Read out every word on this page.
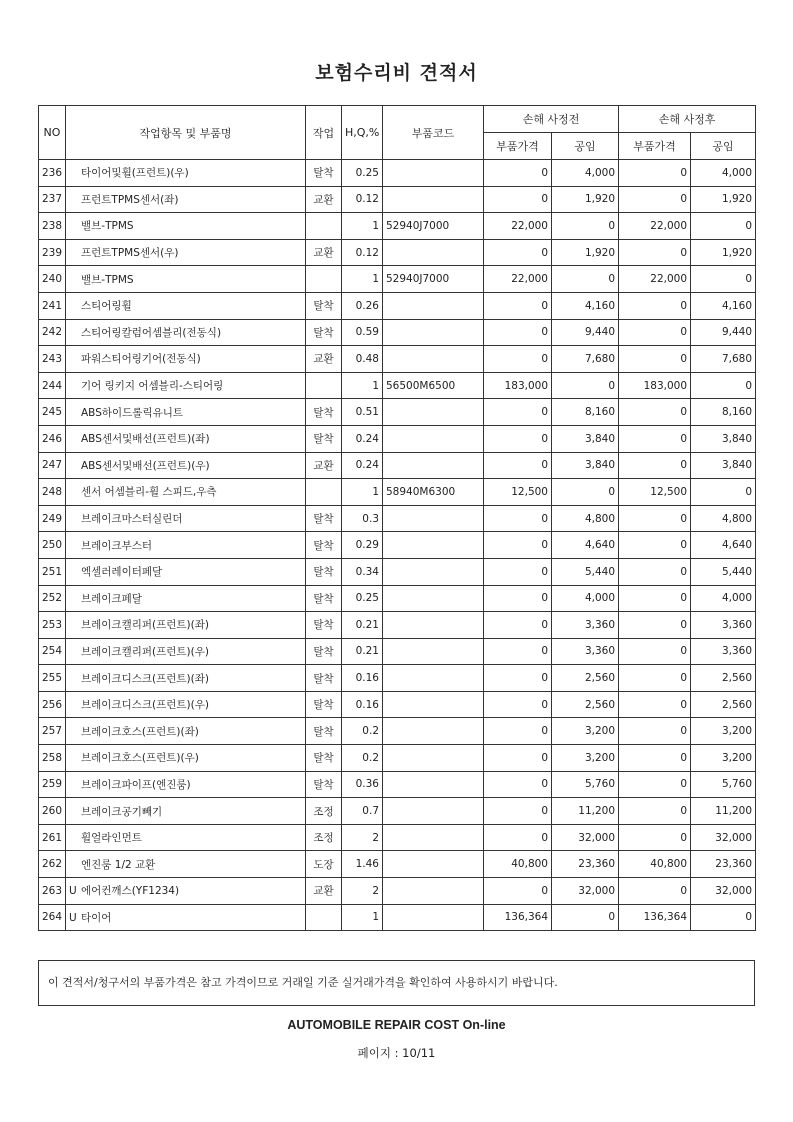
보험수리비 견적서
NO	작업항목 및 부품명	작업	H,Q,%	부품코드	손해 사정전		손해 사정후	
					부품가격	공임	부품가격	공임
236	타이어및휠(프런트)(우)	탈착	0.25		0	4,000	0	4,000
237	프런트TPMS센서(좌)	교환	0.12		0	1,920	0	1,920
238	밸브-TPMS		1	52940J7000	22,000	0	22,000	0
239	프런트TPMS센서(우)	교환	0.12		0	1,920	0	1,920
240	밸브-TPMS		1	52940J7000	22,000	0	22,000	0
241	스티어링휠	탈착	0.26		0	4,160	0	4,160
242	스티어링칼럼어셈블리(전동식)	탈착	0.59		0	9,440	0	9,440
243	파워스티어링기어(전동식)	교환	0.48		0	7,680	0	7,680
244	기어 링키지 어셈블리-스티어링		1	56500M6500	183,000	0	183,000	0
245	ABS하이드롤릭유니트	탈착	0.51		0	8,160	0	8,160
246	ABS센서및배선(프런트)(좌)	탈착	0.24		0	3,840	0	3,840
247	ABS센서및배선(프런트)(우)	교환	0.24		0	3,840	0	3,840
248	센서 어셈블리-휠 스피드,우측		1	58940M6300	12,500	0	12,500	0
249	브레이크마스터실린더	탈착	0.3		0	4,800	0	4,800
250	브레이크부스터	탈착	0.29		0	4,640	0	4,640
251	엑셀러레이터페달	탈착	0.34		0	5,440	0	5,440
252	브레이크페달	탈착	0.25		0	4,000	0	4,000
253	브레이크캘리퍼(프런트)(좌)	탈착	0.21		0	3,360	0	3,360
254	브레이크캘리퍼(프런트)(우)	탈착	0.21		0	3,360	0	3,360
255	브레이크디스크(프런트)(좌)	탈착	0.16		0	2,560	0	2,560
256	브레이크디스크(프런트)(우)	탈착	0.16		0	2,560	0	2,560
257	브레이크호스(프런트)(좌)	탈착	0.2		0	3,200	0	3,200
258	브레이크호스(프런트)(우)	탈착	0.2		0	3,200	0	3,200
259	브레이크파이프(엔진룸)	탈착	0.36		0	5,760	0	5,760
260	브레이크공기빼기	조정	0.7		0	11,200	0	11,200
261	휠얼라인먼트	조정	2		0	32,000	0	32,000
262	엔진룸 1/2 교환	도장	1.46		40,800	23,360	40,800	23,360
263	U 에어컨깨스(YF1234)	교환	2		0	32,000	0	32,000
264	U 타이어		1		136,364	0	136,364	0
이 견적서/청구서의 부품가격은 참고 가격이므로 거래일 기준 실거래가격을 확인하여 사용하시기 바랍니다.
AUTOMOBILE REPAIR COST On-line
페이지 : 10/11
